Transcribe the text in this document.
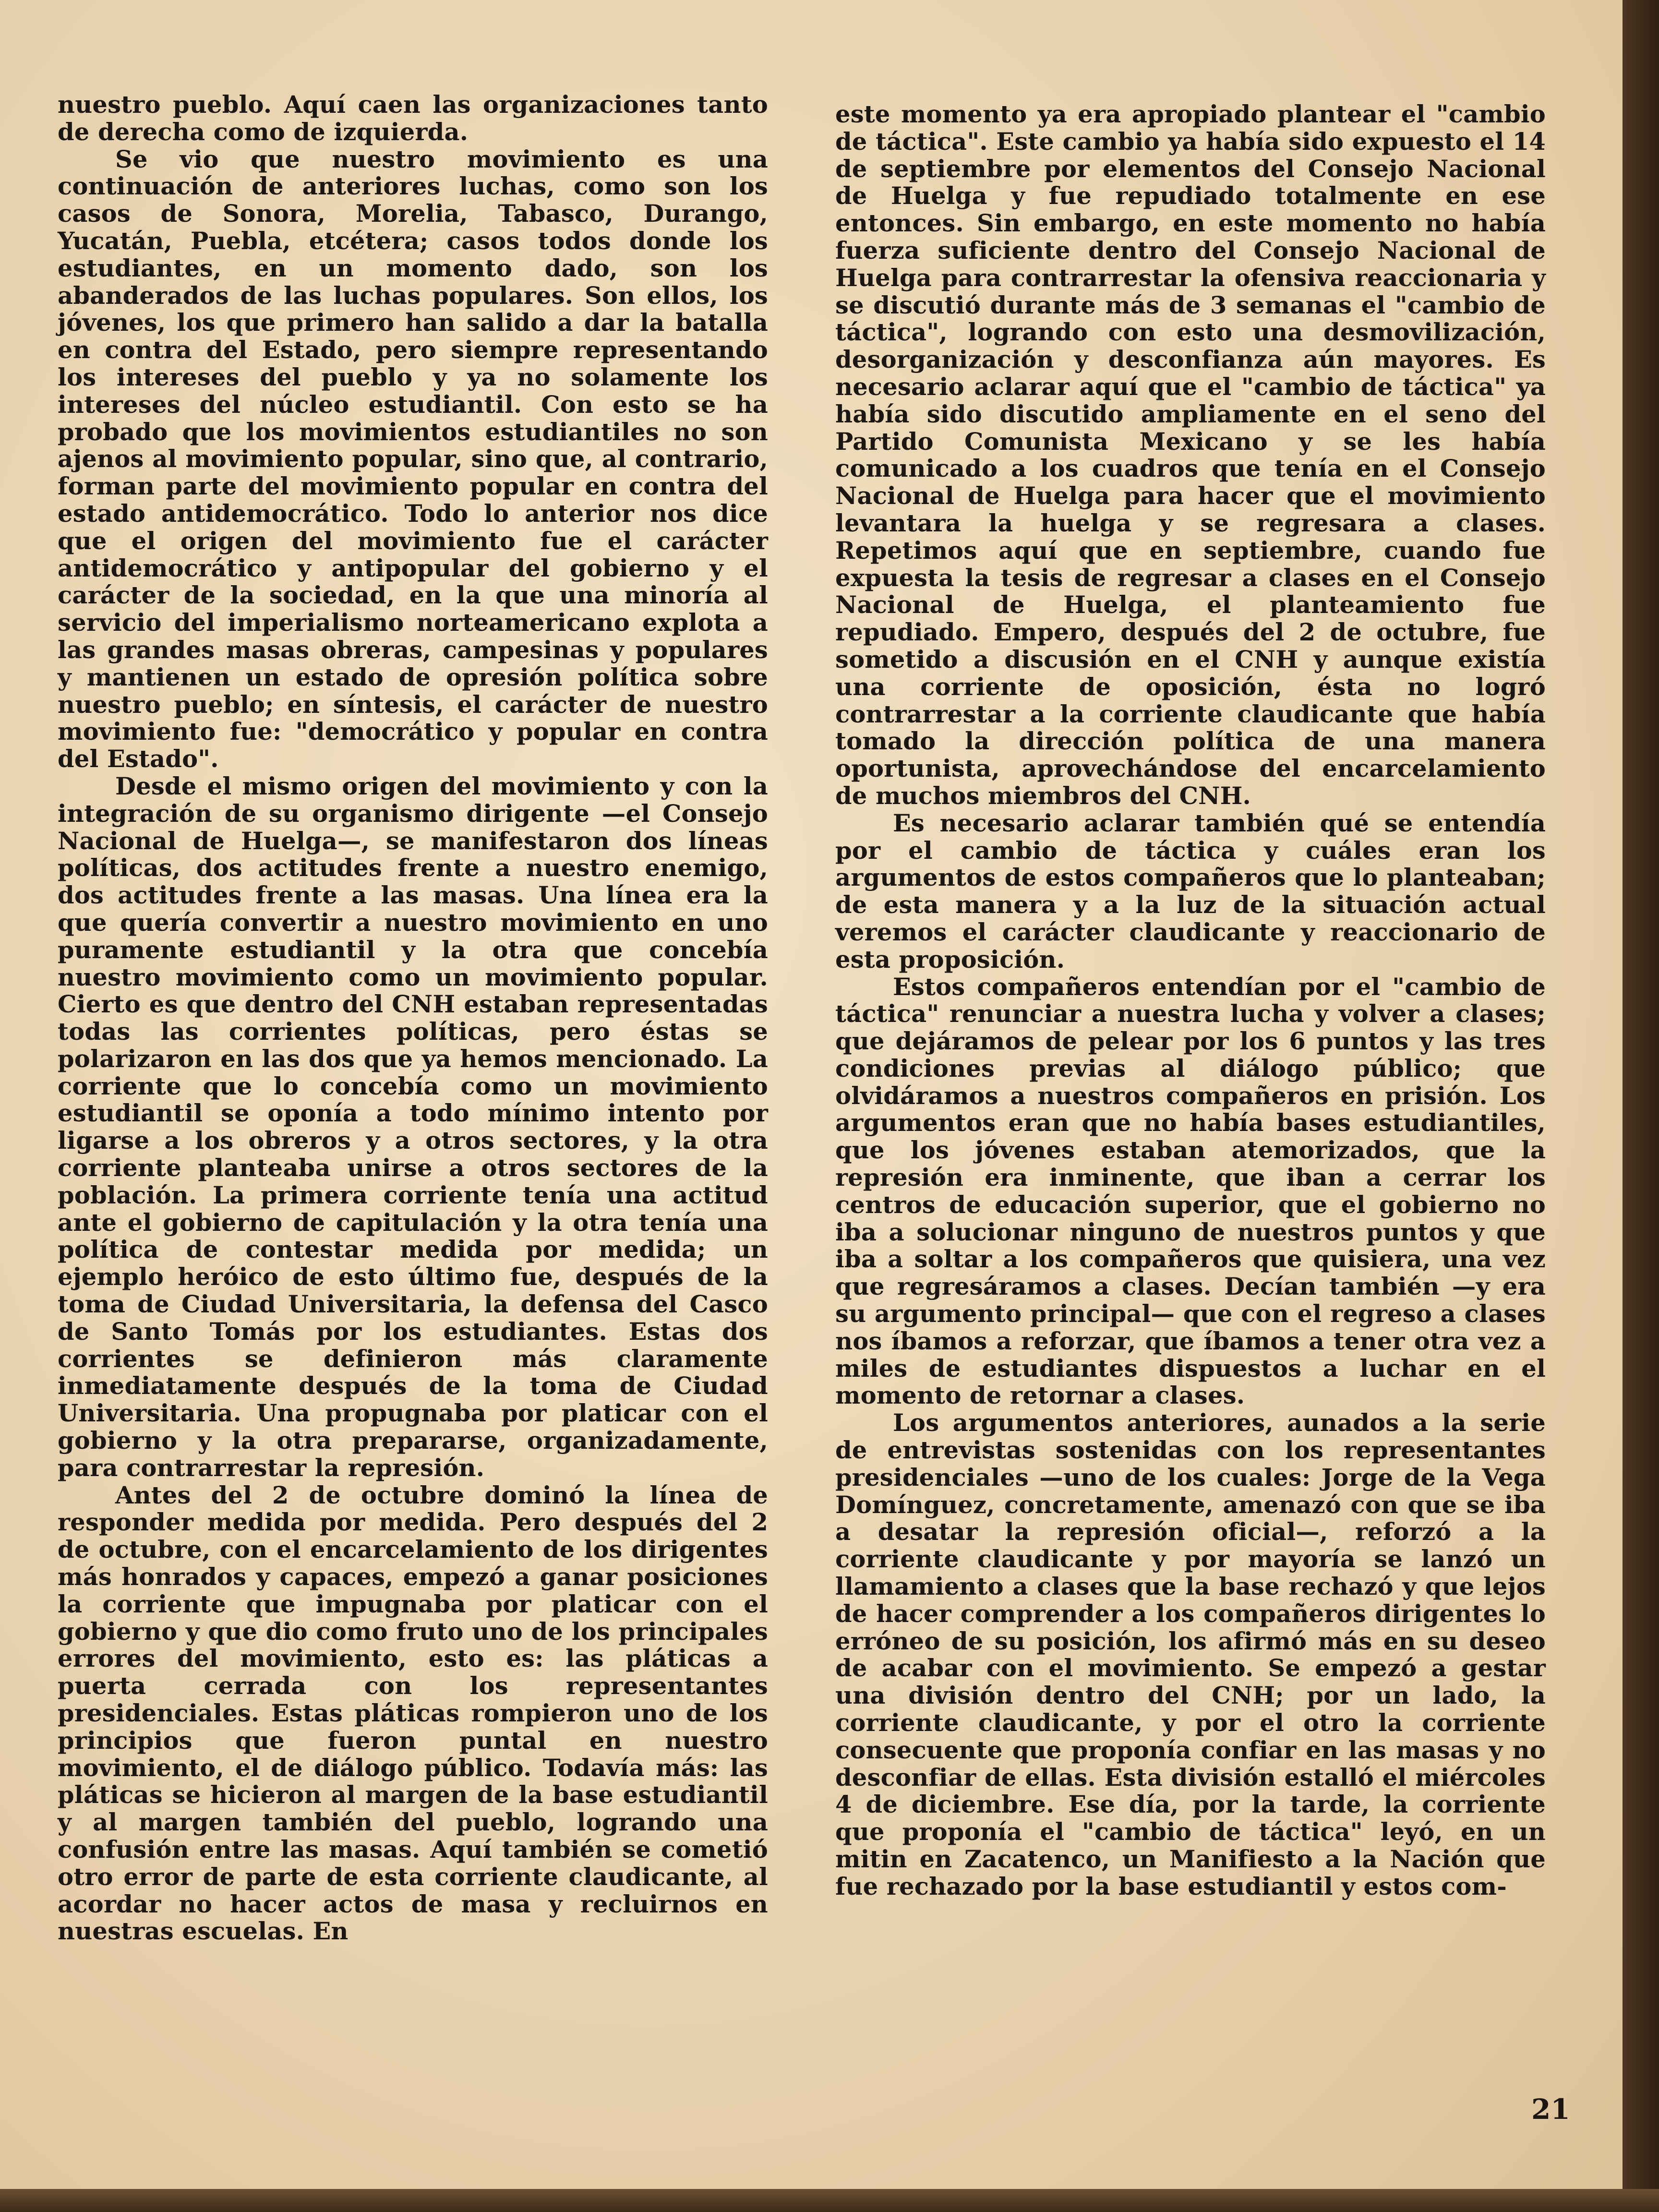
nuestro pueblo. Aquí caen las organizaciones tanto de derecha como de izquierda.

Se vio que nuestro movimiento es una continuación de anteriores luchas, como son los casos de Sonora, Morelia, Tabasco, Durango, Yucatán, Puebla, etcétera; casos todos donde los estudiantes, en un momento dado, son los abanderados de las luchas populares. Son ellos, los jóvenes, los que primero han salido a dar la batalla en contra del Estado, pero siempre representando los intereses del pueblo y ya no solamente los intereses del núcleo estudiantil. Con esto se ha probado que los movimientos estudiantiles no son ajenos al movimiento popular, sino que, al contrario, forman parte del movimiento popular en contra del estado antidemocrático. Todo lo anterior nos dice que el origen del movimiento fue el carácter antidemocrático y antipopular del gobierno y el carácter de la sociedad, en la que una minoría al servicio del imperialismo norteamericano explota a las grandes masas obreras, campesinas y populares y mantienen un estado de opresión política sobre nuestro pueblo; en síntesis, el carácter de nuestro movimiento fue: "democrático y popular en contra del Estado".

Desde el mismo origen del movimiento y con la integración de su organismo dirigente —el Consejo Nacional de Huelga—, se manifestaron dos líneas políticas, dos actitudes frente a nuestro enemigo, dos actitudes frente a las masas. Una línea era la que quería convertir a nuestro movimiento en uno puramente estudiantil y la otra que concebía nuestro movimiento como un movimiento popular. Cierto es que dentro del CNH estaban representadas todas las corrientes políticas, pero éstas se polarizaron en las dos que ya hemos mencionado. La corriente que lo concebía como un movimiento estudiantil se oponía a todo mínimo intento por ligarse a los obreros y a otros sectores, y la otra corriente planteaba unirse a otros sectores de la población. La primera corriente tenía una actitud ante el gobierno de capitulación y la otra tenía una política de contestar medida por medida; un ejemplo heróico de esto último fue, después de la toma de Ciudad Universitaria, la defensa del Casco de Santo Tomás por los estudiantes. Estas dos corrientes se definieron más claramente inmediatamente después de la toma de Ciudad Universitaria. Una propugnaba por platicar con el gobierno y la otra prepararse, organizadamente, para contrarrestar la represión.

Antes del 2 de octubre dominó la línea de responder medida por medida. Pero después del 2 de octubre, con el encarcelamiento de los dirigentes más honrados y capaces, empezó a ganar posiciones la corriente que impugnaba por platicar con el gobierno y que dio como fruto uno de los principales errores del movimiento, esto es: las pláticas a puerta cerrada con los representantes presidenciales. Estas pláticas rompieron uno de los principios que fueron puntal en nuestro movimiento, el de diálogo público. Todavía más: las pláticas se hicieron al margen de la base estudiantil y al margen también del pueblo, logrando una confusión entre las masas. Aquí también se cometió otro error de parte de esta corriente claudicante, al acordar no hacer actos de masa y recluirnos en nuestras escuelas. En

este momento ya era apropiado plantear el "cambio de táctica". Este cambio ya había sido expuesto el 14 de septiembre por elementos del Consejo Nacional de Huelga y fue repudiado totalmente en ese entonces. Sin embargo, en este momento no había fuerza suficiente dentro del Consejo Nacional de Huelga para contrarrestar la ofensiva reaccionaria y se discutió durante más de 3 semanas el "cambio de táctica", logrando con esto una desmovilización, desorganización y desconfianza aún mayores. Es necesario aclarar aquí que el "cambio de táctica" ya había sido discutido ampliamente en el seno del Partido Comunista Mexicano y se les había comunicado a los cuadros que tenía en el Consejo Nacional de Huelga para hacer que el movimiento levantara la huelga y se regresara a clases. Repetimos aquí que en septiembre, cuando fue expuesta la tesis de regresar a clases en el Consejo Nacional de Huelga, el planteamiento fue repudiado. Empero, después del 2 de octubre, fue sometido a discusión en el CNH y aunque existía una corriente de oposición, ésta no logró contrarrestar a la corriente claudicante que había tomado la dirección política de una manera oportunista, aprovechándose del encarcelamiento de muchos miembros del CNH.

Es necesario aclarar también qué se entendía por el cambio de táctica y cuáles eran los argumentos de estos compañeros que lo planteaban; de esta manera y a la luz de la situación actual veremos el carácter claudicante y reaccionario de esta proposición.

Estos compañeros entendían por el "cambio de táctica" renunciar a nuestra lucha y volver a clases; que dejáramos de pelear por los 6 puntos y las tres condiciones previas al diálogo público; que olvidáramos a nuestros compañeros en prisión. Los argumentos eran que no había bases estudiantiles, que los jóvenes estaban atemorizados, que la represión era inminente, que iban a cerrar los centros de educación superior, que el gobierno no iba a solucionar ninguno de nuestros puntos y que iba a soltar a los compañeros que quisiera, una vez que regresáramos a clases. Decían también —y era su argumento principal— que con el regreso a clases nos íbamos a reforzar, que íbamos a tener otra vez a miles de estudiantes dispuestos a luchar en el momento de retornar a clases.

Los argumentos anteriores, aunados a la serie de entrevistas sostenidas con los representantes presidenciales —uno de los cuales: Jorge de la Vega Domínguez, concretamente, amenazó con que se iba a desatar la represión oficial—, reforzó a la corriente claudicante y por mayoría se lanzó un llamamiento a clases que la base rechazó y que lejos de hacer comprender a los compañeros dirigentes lo erróneo de su posición, los afirmó más en su deseo de acabar con el movimiento. Se empezó a gestar una división dentro del CNH; por un lado, la corriente claudicante, y por el otro la corriente consecuente que proponía confiar en las masas y no desconfiar de ellas. Esta división estalló el miércoles 4 de diciembre. Ese día, por la tarde, la corriente que proponía el "cambio de táctica" leyó, en un mitin en Zacatenco, un Manifiesto a la Nación que fue rechazado por la base estudiantil y estos com-

21
